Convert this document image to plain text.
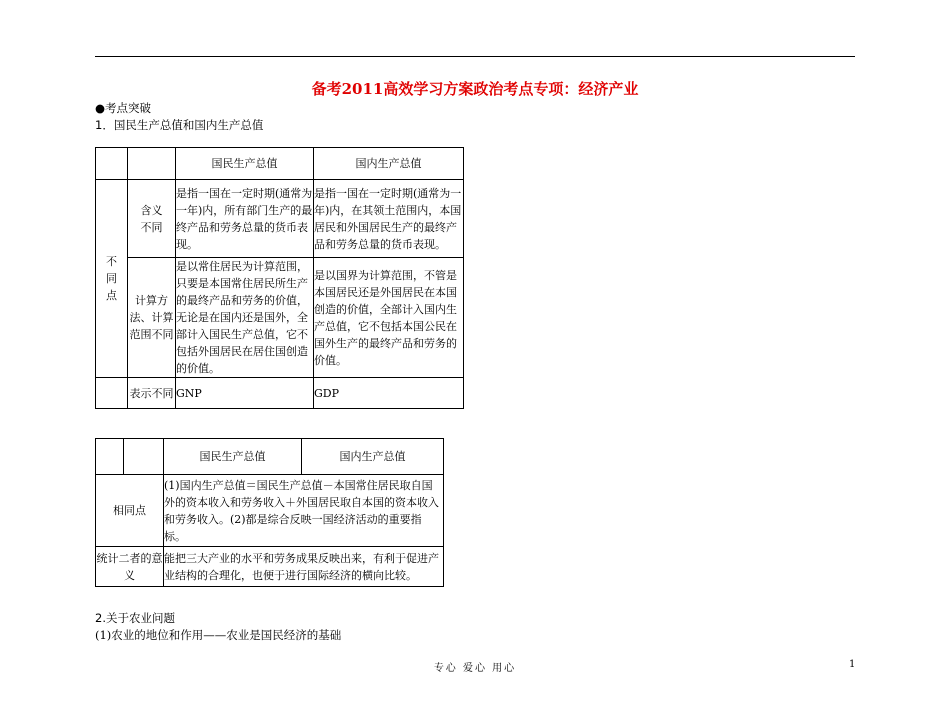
备考2011高效学习方案政治考点专项：经济产业
●考点突破
1．国民生产总值和国内生产总值
		国民生产总值	国内生产总值

不
同
点	含义
不同	是指一国在一定时期(通常为一年)内，所有部门生产的最终产品和劳务总量的货币表现。	是指一国在一定时期(通常为一年)内，在其领土范围内，本国居民和外国居民生产的最终产品和劳务总量的货币表现。

	计算方
法、计算
范围不同	是以常住居民为计算范围，只要是本国常住居民所生产的最终产品和劳务的价值，无论是在国内还是国外，全部计入国民生产总值，它不包括外国居民在居住国创造的价值。	是以国界为计算范围，不管是本国居民还是外国居民在本国创造的价值，全部计入国内生产总值，它不包括本国公民在国外生产的最终产品和劳务的价值。
	表示不同	GNP	GDP
		国民生产总值	国内生产总值
相同点		(1)国内生产总值＝国民生产总值－本国常住居民取自国外的资本收入和劳务收入＋外国居民取自本国的资本收入和劳务收入。(2)都是综合反映一国经济活动的重要指标。	

统计二者的意
义		能把三大产业的水平和劳务成果反映出来，有利于促进产业结构的合理化，也便于进行国际经济的横向比较。	
2.关于农业问题
(1)农业的地位和作用——农业是国民经济的基础
专心 爱心 用心	1
